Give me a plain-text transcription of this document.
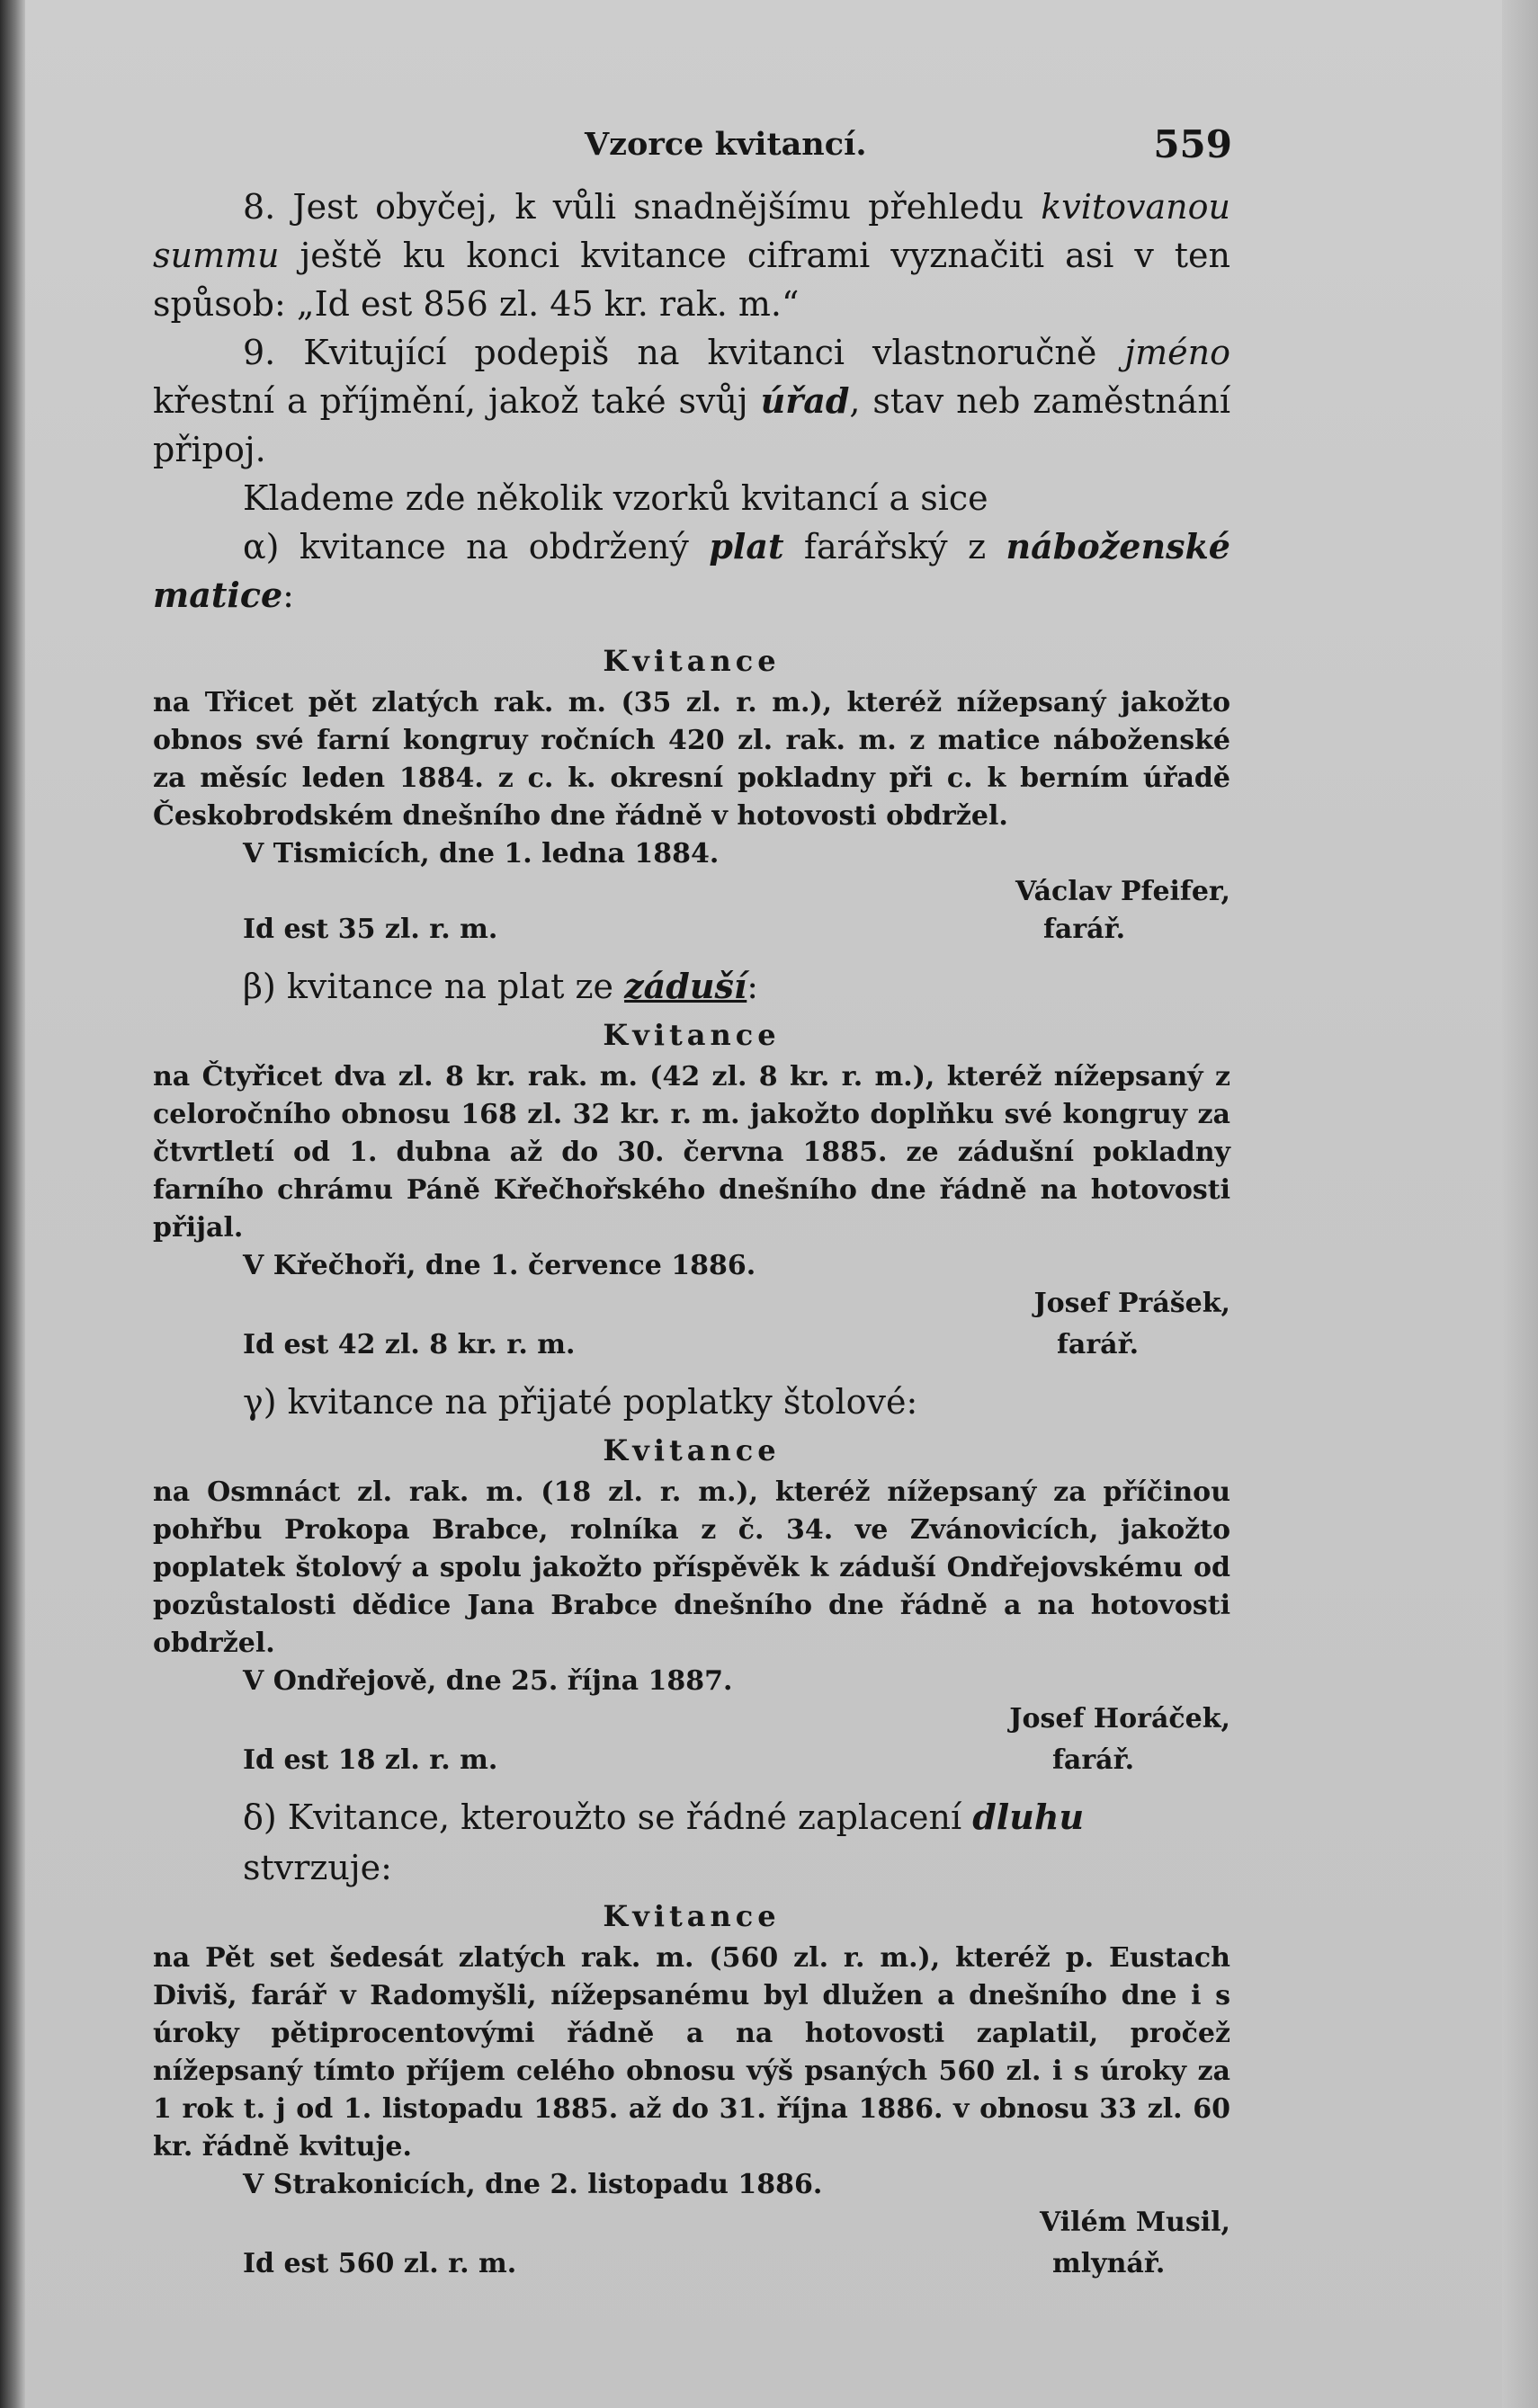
Vzorce kvitancí.	559

8. Jest obyčej, k vůli snadnějšímu přehledu kvitovanou summu ještě ku konci kvitance ciframi vyznačiti asi v ten spůsob: „Id est 856 zl. 45 kr. rak. m.“

9. Kvitující podepiš na kvitanci vlastnoručně jméno křestní a příjmění, jakož také svůj úřad, stav neb zaměstnání připoj.

Klademe zde několik vzorků kvitancí a sice

α) kvitance na obdržený plat farářský z náboženské matice:

Kvitance

na Třicet pět zlatých rak. m. (35 zl. r. m.), kteréž nížepsaný jakožto obnos své farní kongruy ročních 420 zl. rak. m. z matice náboženské za měsíc leden 1884. z c. k. okresní pokladny při c. k berním úřadě Českobrodském dnešního dne řádně v hotovosti obdržel.

V Tismicích, dne 1. ledna 1884.

Václav Pfeifer,
Id est 35 zl. r. m.	farář.

β) kvitance na plat ze záduší:

Kvitance

na Čtyřicet dva zl. 8 kr. rak. m. (42 zl. 8 kr. r. m.), kteréž nížepsaný z celoročního obnosu 168 zl. 32 kr. r. m. jakožto doplňku své kongruy za čtvrtletí od 1. dubna až do 30. června 1885. ze zádušní pokladny farního chrámu Páně Křečhořského dnešního dne řádně na hotovosti přijal.

V Křečhoři, dne 1. července 1886.

Josef Prášek,
Id est 42 zl. 8 kr. r. m.	farář.

γ) kvitance na přijaté poplatky štolové:

Kvitance

na Osmnáct zl. rak. m. (18 zl. r. m.), kteréž nížepsaný za příčinou pohřbu Prokopa Brabce, rolníka z č. 34. ve Zvánovicích, jakožto poplatek štolový a spolu jakožto příspěvěk k záduší Ondřejovskému od pozůstalosti dědice Jana Brabce dnešního dne řádně a na hotovosti obdržel.

V Ondřejově, dne 25. října 1887.

Josef Horáček,
Id est 18 zl. r. m.	farář.

δ) Kvitance, kteroužto se řádné zaplacení dluhu stvrzuje:

Kvitance

na Pět set šedesát zlatých rak. m. (560 zl. r. m.), kteréž p. Eustach Diviš, farář v Radomyšli, nížepsanému byl dlužen a dnešního dne i s úroky pětiprocentovými řádně a na hotovosti zaplatil, pročež nížepsaný tímto příjem celého obnosu výš psaných 560 zl. i s úroky za 1 rok t. j od 1. listopadu 1885. až do 31. října 1886. v obnosu 33 zl. 60 kr. řádně kvituje.

V Strakonicích, dne 2. listopadu 1886.

Vilém Musil,
Id est 560 zl. r. m.	mlynář.
